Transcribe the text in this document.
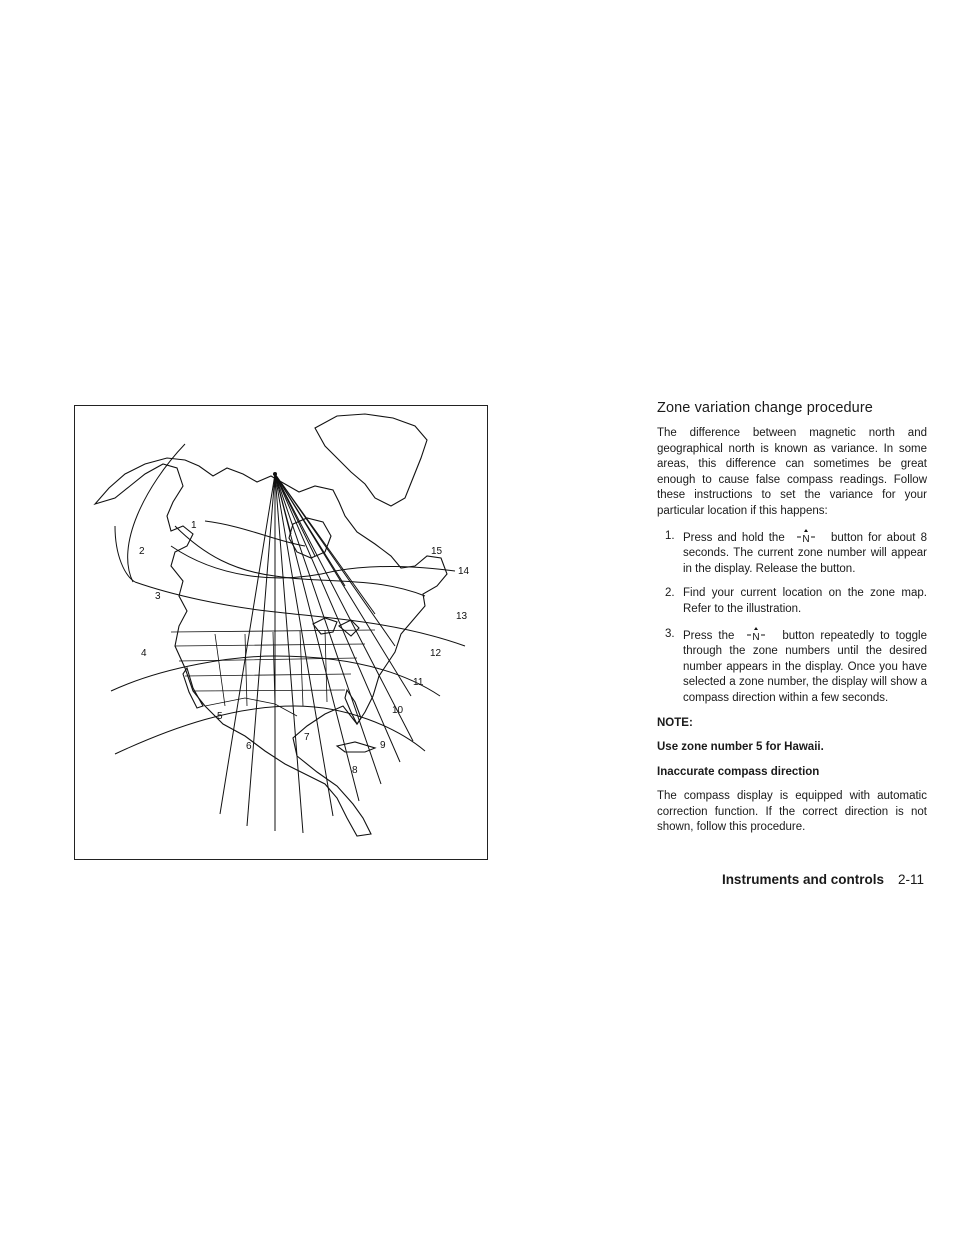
1
2
3
4
5
6
7
8
9
10
11
12
13
14
15
Zone variation change procedure

The difference between magnetic north and geographical north is known as variance. In some areas, this difference can sometimes be great enough to cause false compass readings. Follow these instructions to set the variance for your particular location if this happens:

1. Press and hold the N button for about 8 seconds. The current zone number will appear in the display. Release the button.
2. Find your current location on the zone map. Refer to the illustration.
3. Press the N button repeatedly to toggle through the zone numbers until the desired number appears in the display. Once you have selected a zone number, the display will show a compass direction within a few seconds.

NOTE:

Use zone number 5 for Hawaii.

Inaccurate compass direction

The compass display is equipped with automatic correction function. If the correct direction is not shown, follow this procedure.

Instruments and controls 2-11
